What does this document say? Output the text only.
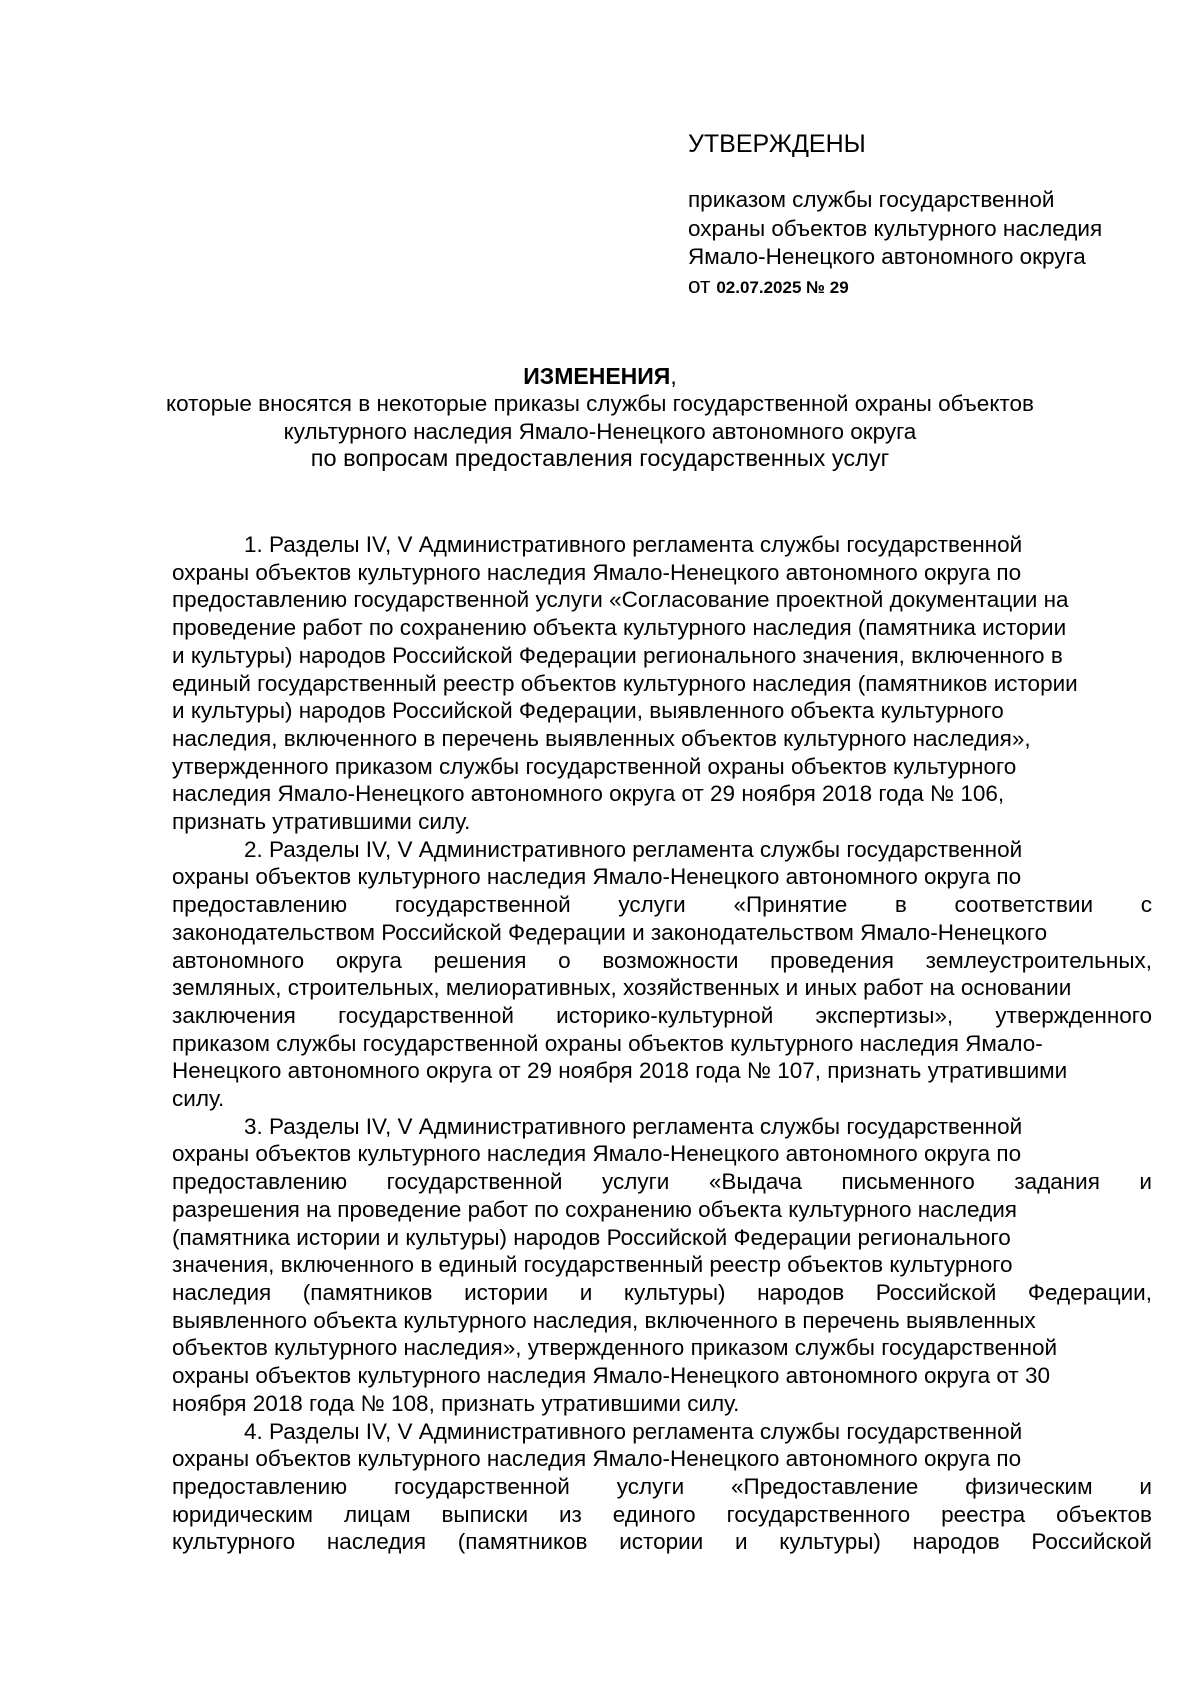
УТВЕРЖДЕНЫ

приказом службы государственной

охраны объектов культурного наследия

Ямало-Ненецкого автономного округа

от 02.07.2025 № 29

ИЗМЕНЕНИЯ,

которые вносятся в некоторые приказы службы государственной охраны объектов

культурного наследия Ямало-Ненецкого автономного округа

по вопросам предоставления государственных услуг

1. Разделы IV, V Административного регламента службы государственной
охраны объектов культурного наследия Ямало-Ненецкого автономного округа по
предоставлению государственной услуги «Согласование проектной документации на
проведение работ по сохранению объекта культурного наследия (памятника истории
и культуры) народов Российской Федерации регионального значения, включенного в
единый государственный реестр объектов культурного наследия (памятников истории
и культуры) народов Российской Федерации, выявленного объекта культурного
наследия, включенного в перечень выявленных объектов культурного наследия»,
утвержденного приказом службы государственной охраны объектов культурного
наследия Ямало-Ненецкого автономного округа от 29 ноября 2018 года № 106,
признать утратившими силу.
2. Разделы IV, V Административного регламента службы государственной
охраны объектов культурного наследия Ямало-Ненецкого автономного округа по
предоставлению государственной услуги «Принятие в соответствии с
законодательством Российской Федерации и законодательством Ямало-Ненецкого
автономного округа решения о возможности проведения землеустроительных,
земляных, строительных, мелиоративных, хозяйственных и иных работ на основании
заключения государственной историко-культурной экспертизы», утвержденного
приказом службы государственной охраны объектов культурного наследия Ямало-
Ненецкого автономного округа от 29 ноября 2018 года № 107, признать утратившими
силу.
3. Разделы IV, V Административного регламента службы государственной
охраны объектов культурного наследия Ямало-Ненецкого автономного округа по
предоставлению государственной услуги «Выдача письменного задания и
разрешения на проведение работ по сохранению объекта культурного наследия
(памятника истории и культуры) народов Российской Федерации регионального
значения, включенного в единый государственный реестр объектов культурного
наследия (памятников истории и культуры) народов Российской Федерации,
выявленного объекта культурного наследия, включенного в перечень выявленных
объектов культурного наследия», утвержденного приказом службы государственной
охраны объектов культурного наследия Ямало-Ненецкого автономного округа от 30
ноября 2018 года № 108, признать утратившими силу.
4. Разделы IV, V Административного регламента службы государственной
охраны объектов культурного наследия Ямало-Ненецкого автономного округа по
предоставлению государственной услуги «Предоставление физическим и
юридическим лицам выписки из единого государственного реестра объектов
культурного наследия (памятников истории и культуры) народов Российской
